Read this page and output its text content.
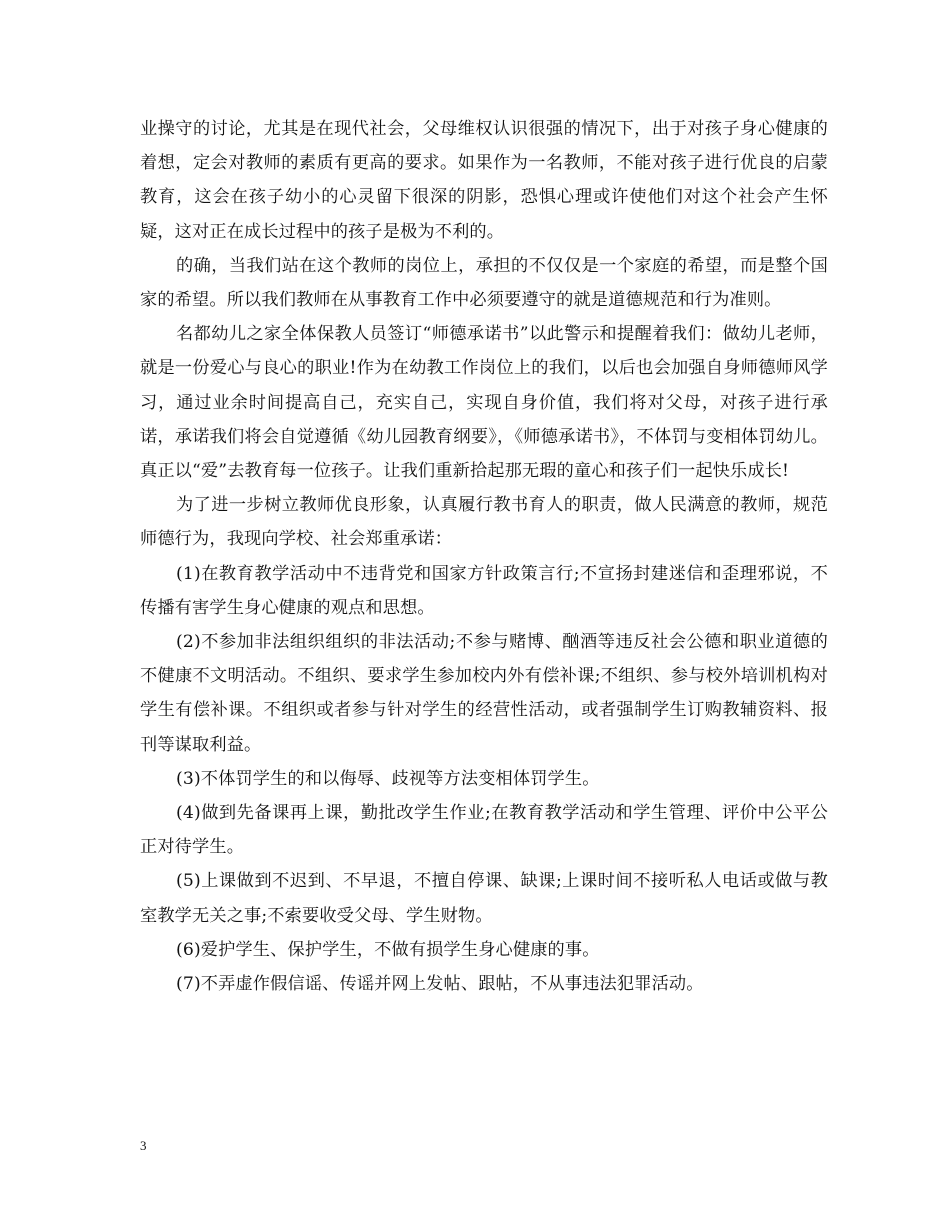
业操守的讨论，尤其是在现代社会，父母维权认识很强的情况下，出于对孩子身心健康的着想，定会对教师的素质有更高的要求。如果作为一名教师，不能对孩子进行优良的启蒙教育，这会在孩子幼小的心灵留下很深的阴影，恐惧心理或许使他们对这个社会产生怀疑，这对正在成长过程中的孩子是极为不利的。

的确，当我们站在这个教师的岗位上，承担的不仅仅是一个家庭的希望，而是整个国家的希望。所以我们教师在从事教育工作中必须要遵守的就是道德规范和行为准则。

名都幼儿之家全体保教人员签订“师德承诺书”以此警示和提醒着我们：做幼儿老师，就是一份爱心与良心的职业!作为在幼教工作岗位上的我们，以后也会加强自身师德师风学习，通过业余时间提高自己，充实自己，实现自身价值，我们将对父母，对孩子进行承诺，承诺我们将会自觉遵循《幼儿园教育纲要》，《师德承诺书》，不体罚与变相体罚幼儿。真正以“爱”去教育每一位孩子。让我们重新拾起那无瑕的童心和孩子们一起快乐成长!

为了进一步树立教师优良形象，认真履行教书育人的职责，做人民满意的教师，规范师德行为，我现向学校、社会郑重承诺：

(1)在教育教学活动中不违背党和国家方针政策言行;不宣扬封建迷信和歪理邪说，不传播有害学生身心健康的观点和思想。

(2)不参加非法组织组织的非法活动;不参与赌博、酗酒等违反社会公德和职业道德的不健康不文明活动。不组织、要求学生参加校内外有偿补课;不组织、参与校外培训机构对学生有偿补课。不组织或者参与针对学生的经营性活动，或者强制学生订购教辅资料、报刊等谋取利益。

(3)不体罚学生的和以侮辱、歧视等方法变相体罚学生。

(4)做到先备课再上课，勤批改学生作业;在教育教学活动和学生管理、评价中公平公正对待学生。

(5)上课做到不迟到、不早退，不擅自停课、缺课;上课时间不接听私人电话或做与教室教学无关之事;不索要收受父母、学生财物。

(6)爱护学生、保护学生，不做有损学生身心健康的事。

(7)不弄虚作假信谣、传谣并网上发帖、跟帖，不从事违法犯罪活动。

3
